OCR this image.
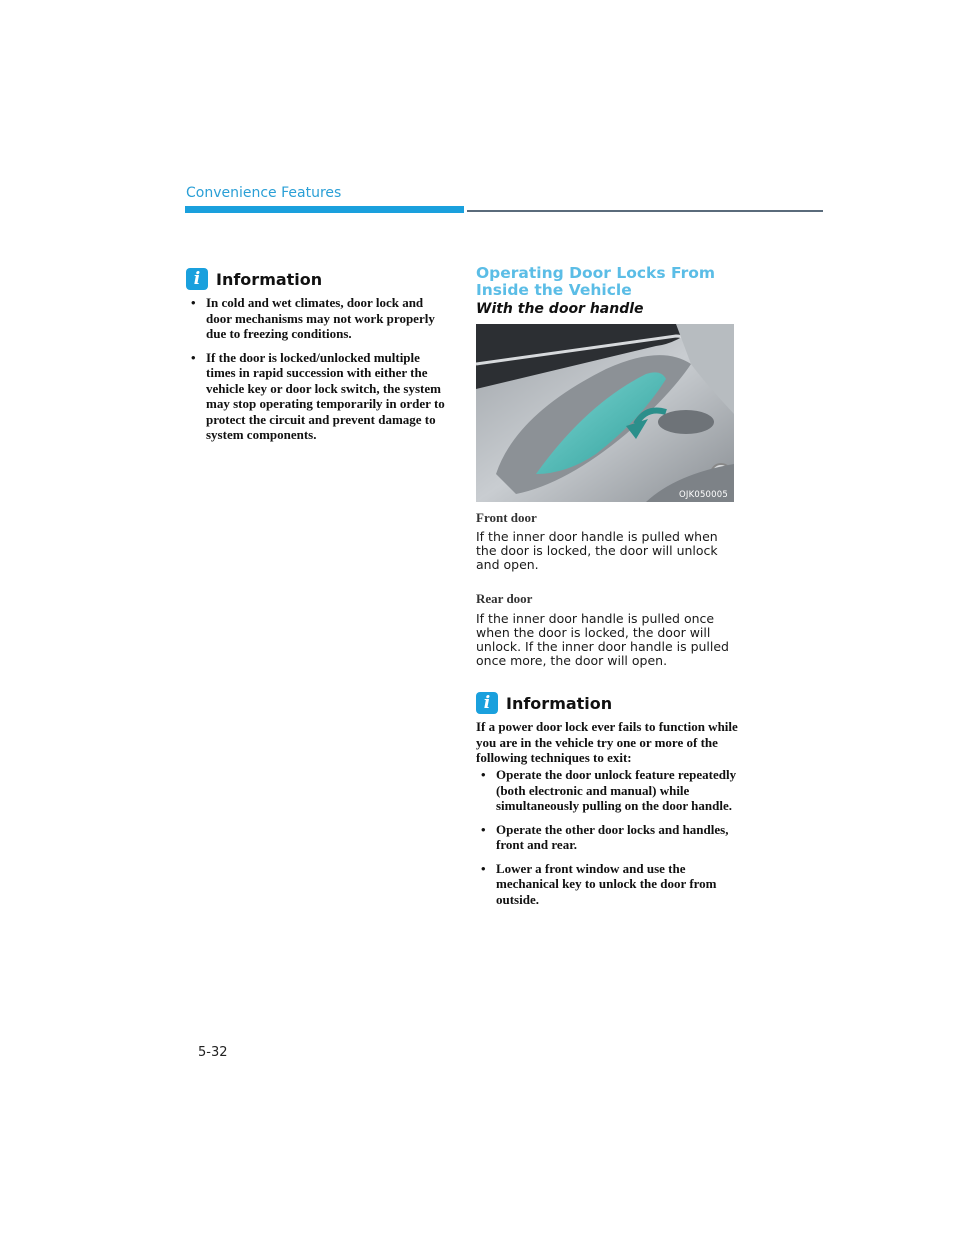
Convenience Features
i Information
• In cold and wet climates, door lock and door mechanisms may not work properly due to freezing conditions.
• If the door is locked/unlocked multiple times in rapid succession with either the vehicle key or door lock switch, the system may stop operating temporarily in order to protect the circuit and prevent damage to system components.
Operating Door Locks From Inside the Vehicle
With the door handle
OJK050005
Front door
If the inner door handle is pulled when the door is locked, the door will unlock and open.
Rear door
If the inner door handle is pulled once when the door is locked, the door will unlock. If the inner door handle is pulled once more, the door will open.
i Information
If a power door lock ever fails to function while you are in the vehicle try one or more of the following techniques to exit:
• Operate the door unlock feature repeatedly (both electronic and manual) while simultaneously pulling on the door handle.
• Operate the other door locks and handles, front and rear.
• Lower a front window and use the mechanical key to unlock the door from outside.
5-32
